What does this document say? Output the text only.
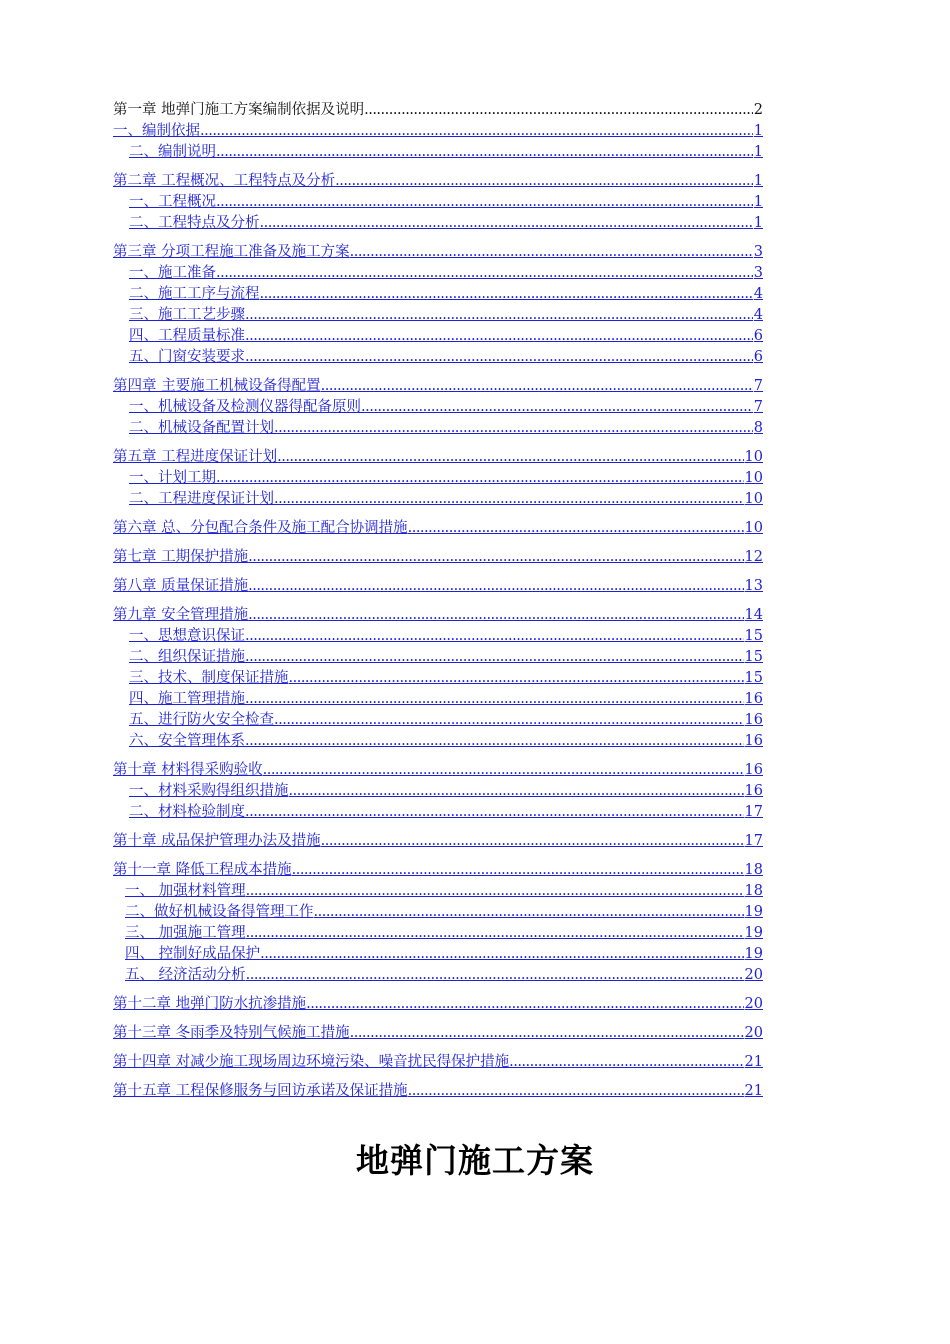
第一章 地弹门施工方案编制依据及说明 .....	2
一、编制依据 .....	1
二、编制说明 .....	1
第二章 工程概况、工程特点及分析 .....	1
一、工程概况 .....	1
二、工程特点及分析 .....	1
第三章 分项工程施工准备及施工方案 .....	3
一、施工准备 .....	3
二、施工工序与流程 .....	4
三、施工工艺步骤 .....	4
四、工程质量标准 .....	6
五、门窗安装要求 .....	6
第四章 主要施工机械设备得配置 .....	7
一、机械设备及检测仪器得配备原则 .....	7
二、机械设备配置计划 .....	8
第五章 工程进度保证计划 .....	10
一、计划工期 .....	10
二、工程进度保证计划 .....	10
第六章 总、分包配合条件及施工配合协调措施 .....	10
第七章 工期保护措施 .....	12
第八章 质量保证措施 .....	13
第九章 安全管理措施 .....	14
一、思想意识保证 .....	15
二、组织保证措施 .....	15
三、技术、制度保证措施 .....	15
四、施工管理措施 .....	16
五、进行防火安全检查 .....	16
六、安全管理体系 .....	16
第十章 材料得采购验收 .....	16
一、材料采购得组织措施 .....	16
二、材料检验制度 .....	17
第十章 成品保护管理办法及措施 .....	17
第十一章 降低工程成本措施 .....	18
一、 加强材料管理 .....	18
二、做好机械设备得管理工作 .....	19
三、 加强施工管理 .....	19
四、 控制好成品保护 .....	19
五、 经济活动分析 .....	20
第十二章 地弹门防水抗渗措施 .....	20
第十三章 冬雨季及特别气候施工措施 .....	20
第十四章 对减少施工现场周边环境污染、噪音扰民得保护措施 .....	21
第十五章 工程保修服务与回访承诺及保证措施 .....	21
地弹门施工方案
